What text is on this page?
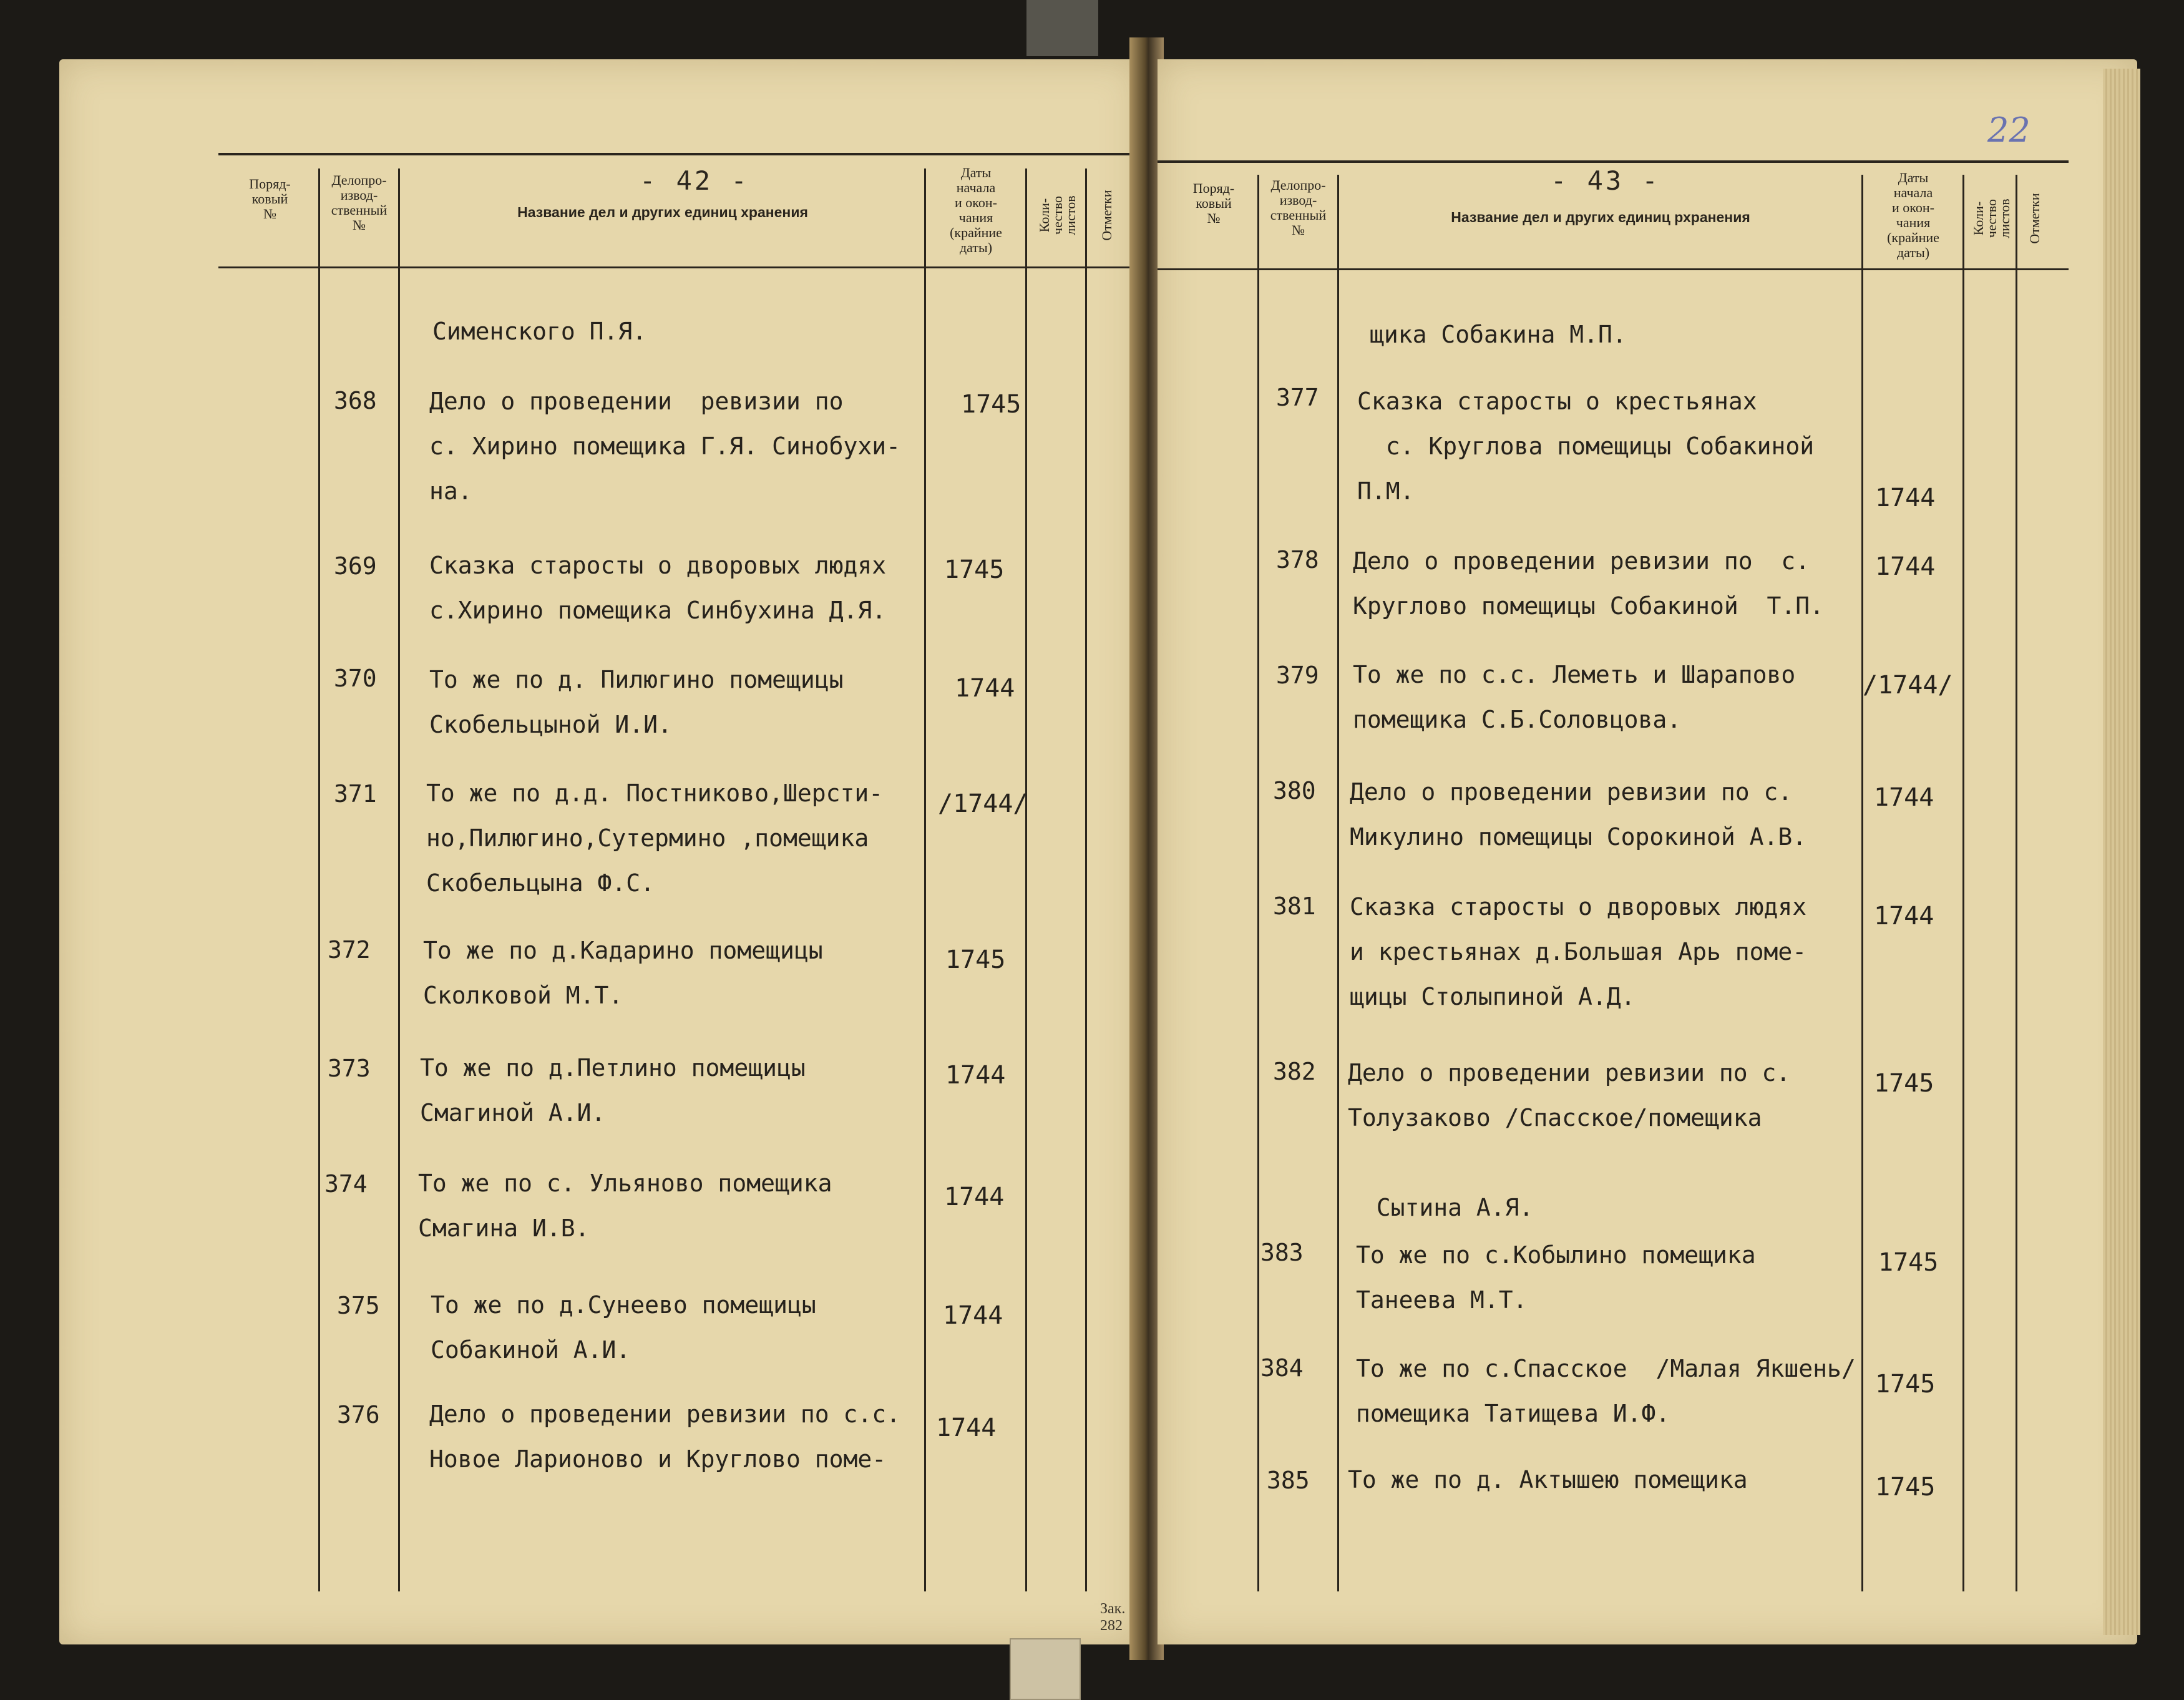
- 42 -
Поряд-
ковый
№
Делопро-
извод-
ственный
№
Название дел и других единиц хранения
Даты
начала
и окон-
чания
(крайние
даты)
Коли-
чество
листов Отметки
Сименского П.Я.
368 Дело о проведении  ревизии по
с. Хирино помещика Г.Я. Синобухи-
на.
1745
369 Сказка старосты о дворовых людях
с.Хирино помещика Синбухина Д.Я.
1745
370 То же по д. Пилюгино помещицы
Скобельцыной И.И.
1744
371 То же по д.д. Постниково,Шерсти-
но,Пилюгино,Сутермино ,помещика
Скобельцына Ф.С.
/1744/
372 То же по д.Кадарино помещицы
Сколковой М.Т.
1745
373 То же по д.Петлино помещицы
Смагиной А.И.
1744
374 То же по с. Ульяново помещика
Смагина И.В.
1744
375 То же по д.Сунеево помещицы
Собакиной А.И.
1744
376 Дело о проведении ревизии по с.с.
Новое Ларионово и Круглово поме-
1744
Зак. 282
- 43 -
Поряд-
ковый
№
Делопро-
извод-
ственный
№
Название дел и других единиц рхранения
Даты
начала
и окон-
чания
(крайние
даты)
Коли-
чество
листов Отметки
22
щика Собакина М.П.
377 Сказка старосты о крестьянах
с. Круглова помещицы Собакиной
П.М.	1744
378 Дело о проведении ревизии по  с.
Круглово помещицы Собакиной  Т.П.
1744
379 То же по с.с. Леметь и Шарапово
помещика С.Б.Соловцова.
/1744/
380 Дело о проведении ревизии по с.
Микулино помещицы Сорокиной А.В.
1744
381 Сказка старосты о дворовых людях
и крестьянах д.Большая Арь поме-
щицы Столыпиной А.Д.
1744
382 Дело о проведении ревизии по с.
Толузаково /Спасское/помещика

Сытина А.Я.
1745
383 То же по с.Кобылино помещика
Танеева М.Т.
1745
384 То же по с.Спасское  /Малая Якшень/
помещика Татищева И.Ф.
1745
385 То же по д. Актышею помещика	1745
